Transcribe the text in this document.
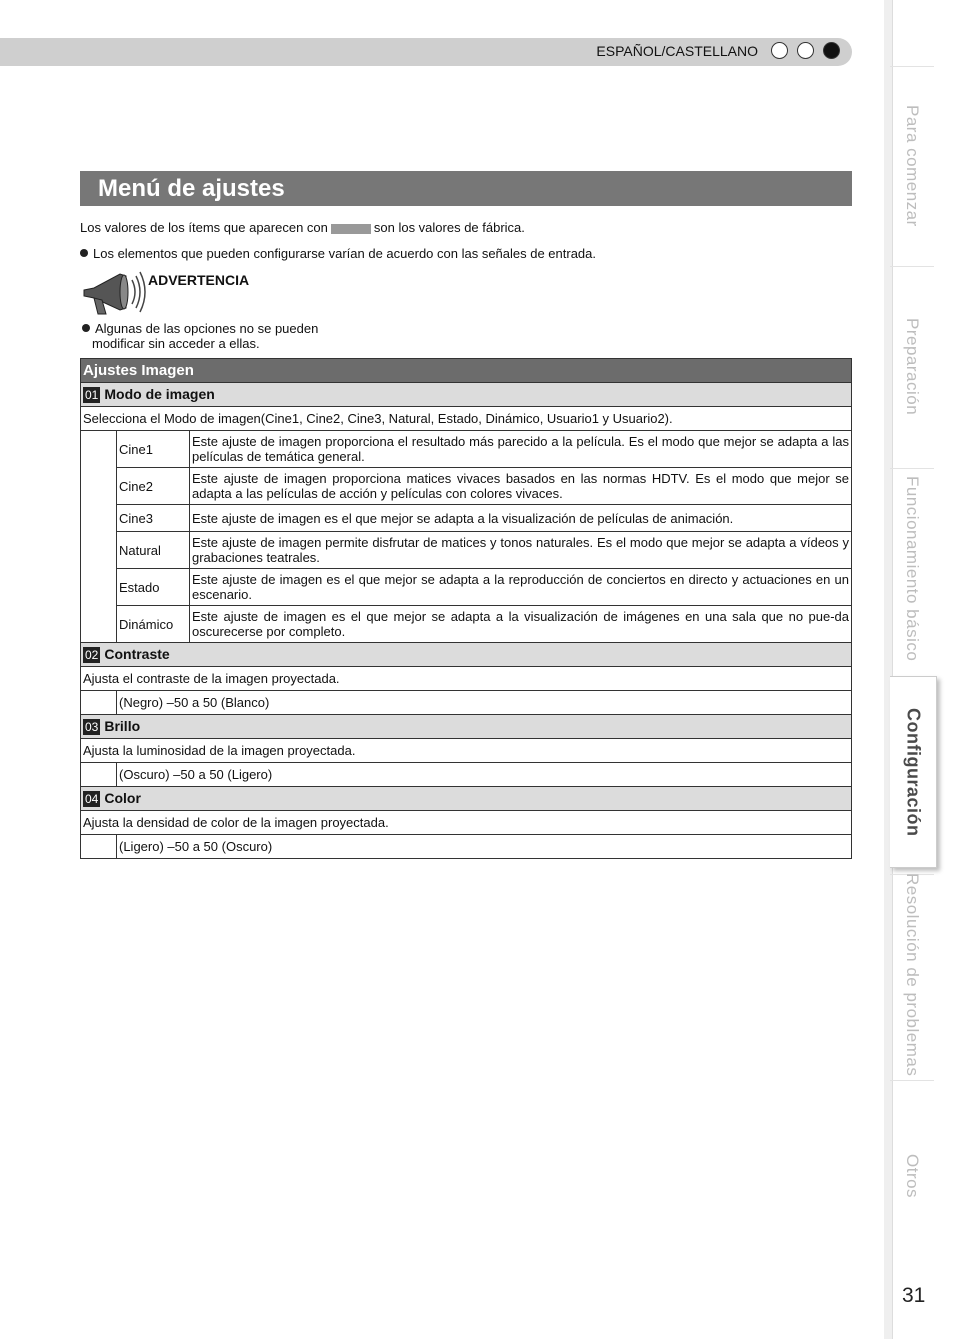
ESPAÑOL/CASTELLANO
Para comenzar
Preparación
Funcionamiento básico
Configuración
Resolución de problemas
Otros
31
Menú de ajustes
Los valores de los ítems que aparecen con	son los valores de fábrica.
Los elementos que pueden configurarse varían de acuerdo con las señales de entrada.
ADVERTENCIA
Algunas de las opciones no se pueden
modificar sin acceder a ellas.
Ajustes Imagen		
01 Modo de imagen		
Selecciona el Modo de imagen(Cine1, Cine2, Cine3, Natural, Estado, Dinámico, Usuario1 y Usuario2).		
	Cine1	Este ajuste de imagen proporciona el resultado más parecido a la película. Es el modo que mejor se adapta a las películas de temática general.
	Cine2	Este ajuste de imagen proporciona matices vivaces basados en las normas HDTV. Es el modo que mejor se adapta a las películas de acción y películas con colores vivaces.
	Cine3	Este ajuste de imagen es el que mejor se adapta a la visualización de películas de animación.
	Natural	Este ajuste de imagen permite disfrutar de matices y tonos naturales. Es el modo que mejor se adapta a vídeos y grabaciones teatrales.
	Estado	Este ajuste de imagen es el que mejor se adapta a la reproducción de conciertos en directo y actuaciones en un escenario.
	Dinámico	Este ajuste de imagen es el que mejor se adapta a la visualización de imágenes en una sala que no pue-da oscurecerse por completo.
02 Contraste		
Ajusta el contraste de la imagen proyectada.		
	(Negro) –50 a 50 (Blanco)	
03 Brillo		
Ajusta la luminosidad de la imagen proyectada.		
	(Oscuro) –50 a 50 (Ligero)	
04 Color		
Ajusta la densidad de color de la imagen proyectada.		
	(Ligero) –50 a 50 (Oscuro)	
